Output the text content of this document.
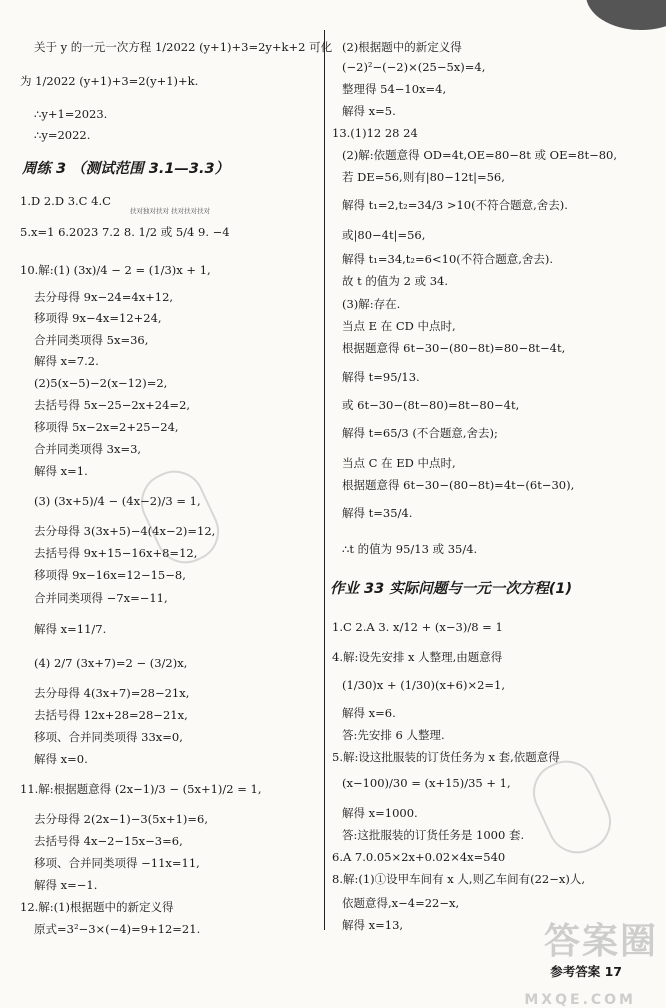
关于 y 的一元一次方程 1/2022 (y+1)+3=2y+k+2 可化
为 1/2022 (y+1)+3=2(y+1)+k.
∴y+1=2023.
∴y=2022.
周练 3 （测试范围 3.1—3.3）
1.D 2.D 3.C 4.C
扶对独对扶对 扶对扶对扶对
5.x=1 6.2023 7.2 8. 1/2 或 5/4 9. −4
10.解:(1) (3x)/4 − 2 = (1/3)x + 1,
去分母得 9x−24=4x+12,
移项得 9x−4x=12+24,
合并同类项得 5x=36,
解得 x=7.2.
(2)5(x−5)−2(x−12)=2,
去括号得 5x−25−2x+24=2,
移项得 5x−2x=2+25−24,
合并同类项得 3x=3,
解得 x=1.
(3) (3x+5)/4 − (4x−2)/3 = 1,
去分母得 3(3x+5)−4(4x−2)=12,
去括号得 9x+15−16x+8=12,
移项得 9x−16x=12−15−8,
合并同类项得 −7x=−11,
解得 x=11/7.
(4) 2/7 (3x+7)=2 − (3/2)x,
去分母得 4(3x+7)=28−21x,
去括号得 12x+28=28−21x,
移项、合并同类项得 33x=0,
解得 x=0.
11.解:根据题意得 (2x−1)/3 − (5x+1)/2 = 1,
去分母得 2(2x−1)−3(5x+1)=6,
去括号得 4x−2−15x−3=6,
移项、合并同类项得 −11x=11,
解得 x=−1.
12.解:(1)根据题中的新定义得
原式=3²−3×(−4)=9+12=21.
(2)根据题中的新定义得
(−2)²−(−2)×(25−5x)=4,
整理得 54−10x=4,
解得 x=5.
13.(1)12 28 24
(2)解:依题意得 OD=4t,OE=80−8t 或 OE=8t−80,
若 DE=56,则有|80−12t|=56,
解得 t₁=2,t₂=34/3 >10(不符合题意,舍去).
或|80−4t|=56,
解得 t₁=34,t₂=6<10(不符合题意,舍去).
故 t 的值为 2 或 34.
(3)解:存在.
当点 E 在 CD 中点时,
根据题意得 6t−30−(80−8t)=80−8t−4t,
解得 t=95/13.
或 6t−30−(8t−80)=8t−80−4t,
解得 t=65/3 (不合题意,舍去);
当点 C 在 ED 中点时,
根据题意得 6t−30−(80−8t)=4t−(6t−30),
解得 t=35/4.
∴t 的值为 95/13 或 35/4.
作业 33 实际问题与一元一次方程(1)
1.C 2.A 3. x/12 + (x−3)/8 = 1
4.解:设先安排 x 人整理,由题意得
(1/30)x + (1/30)(x+6)×2=1,
解得 x=6.
答:先安排 6 人整理.
5.解:设这批服装的订货任务为 x 套,依题意得
(x−100)/30 = (x+15)/35 + 1,
解得 x=1000.
答:这批服装的订货任务是 1000 套.
6.A 7.0.05×2x+0.02×4x=540
8.解:(1)①设甲车间有 x 人,则乙车间有(22−x)人,
依题意得,x−4=22−x,
解得 x=13,	答案圈
MXQE.COM
参考答案 17
